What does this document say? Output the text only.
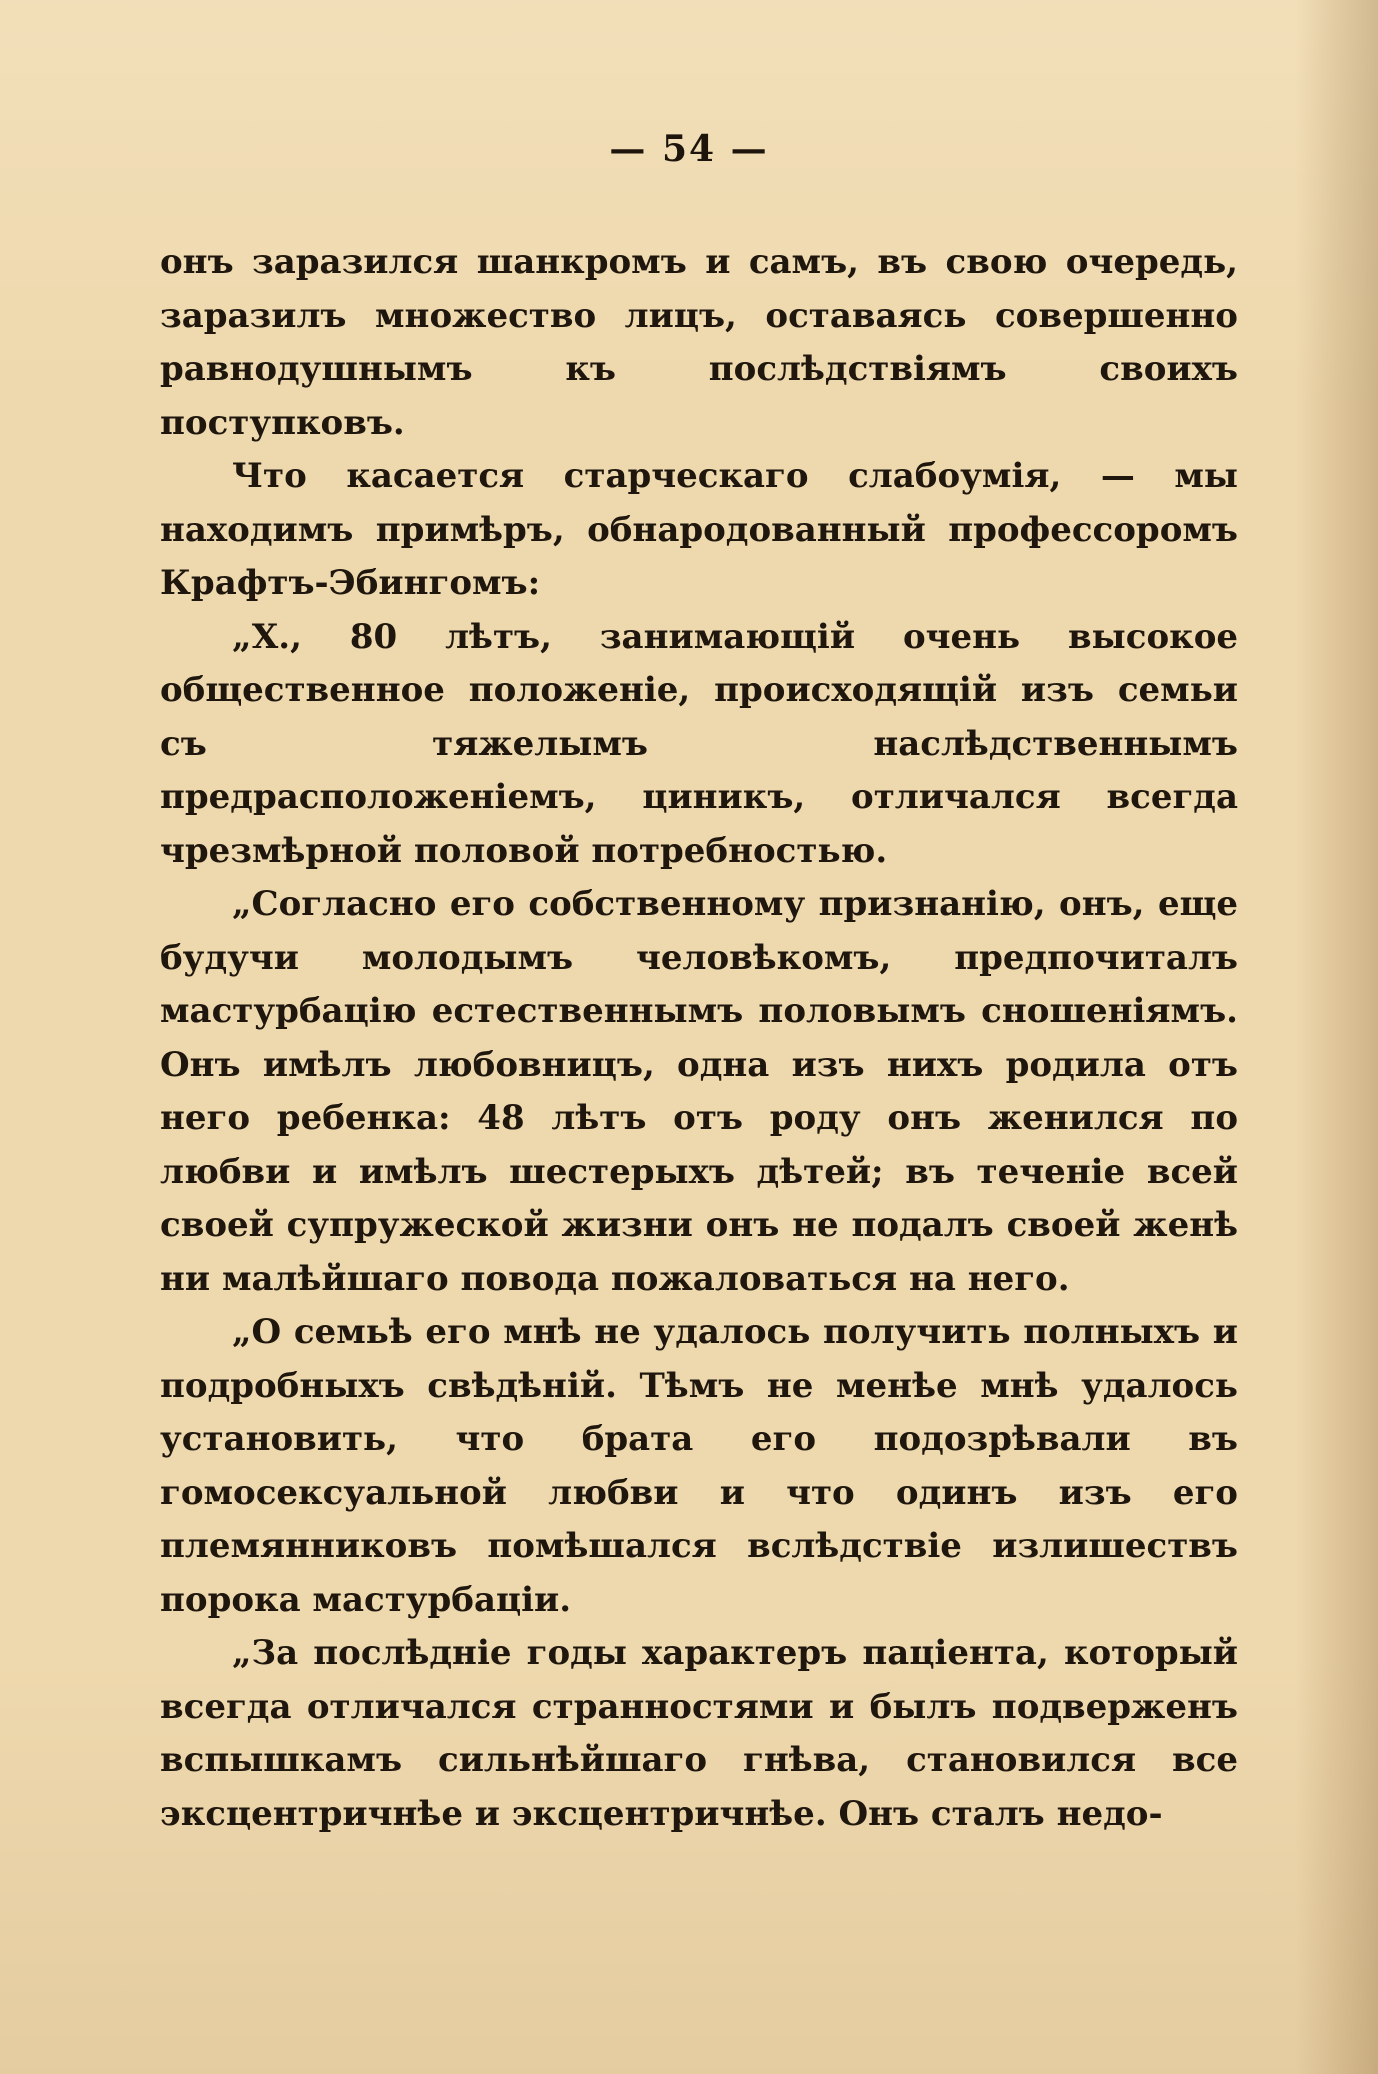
— 54 —

онъ заразился шанкромъ и самъ, въ свою очередь, заразилъ множество лицъ, оставаясь совершенно равнодушнымъ къ послѣдствіямъ своихъ поступковъ.

Что касается старческаго слабоумія, — мы находимъ примѣръ, обнародованный профессоромъ Крафтъ-Эбингомъ:

„X., 80 лѣтъ, занимающій очень высокое общественное положеніе, происходящій изъ семьи съ тяжелымъ наслѣдственнымъ предрасположеніемъ, циникъ, отличался всегда чрезмѣрной половой потребностью.

„Согласно его собственному признанію, онъ, еще будучи молодымъ человѣкомъ, предпочиталъ мастурбацію естественнымъ половымъ сношеніямъ. Онъ имѣлъ любовницъ, одна изъ нихъ родила отъ него ребенка: 48 лѣтъ отъ роду онъ женился по любви и имѣлъ шестерыхъ дѣтей; въ теченіе всей своей супружеской жизни онъ не подалъ своей женѣ ни малѣйшаго повода пожаловаться на него.

„О семьѣ его мнѣ не удалось получить полныхъ и подробныхъ свѣдѣній. Тѣмъ не менѣе мнѣ удалось установить, что брата его подозрѣвали въ гомосексуальной любви и что одинъ изъ его племянниковъ помѣшался вслѣдствіе излишествъ порока мастурбаціи.

„За послѣдніе годы характеръ паціента, который всегда отличался странностями и былъ подверженъ вспышкамъ сильнѣйшаго гнѣва, становился все эксцентричнѣе и эксцентричнѣе. Онъ сталъ недо-
